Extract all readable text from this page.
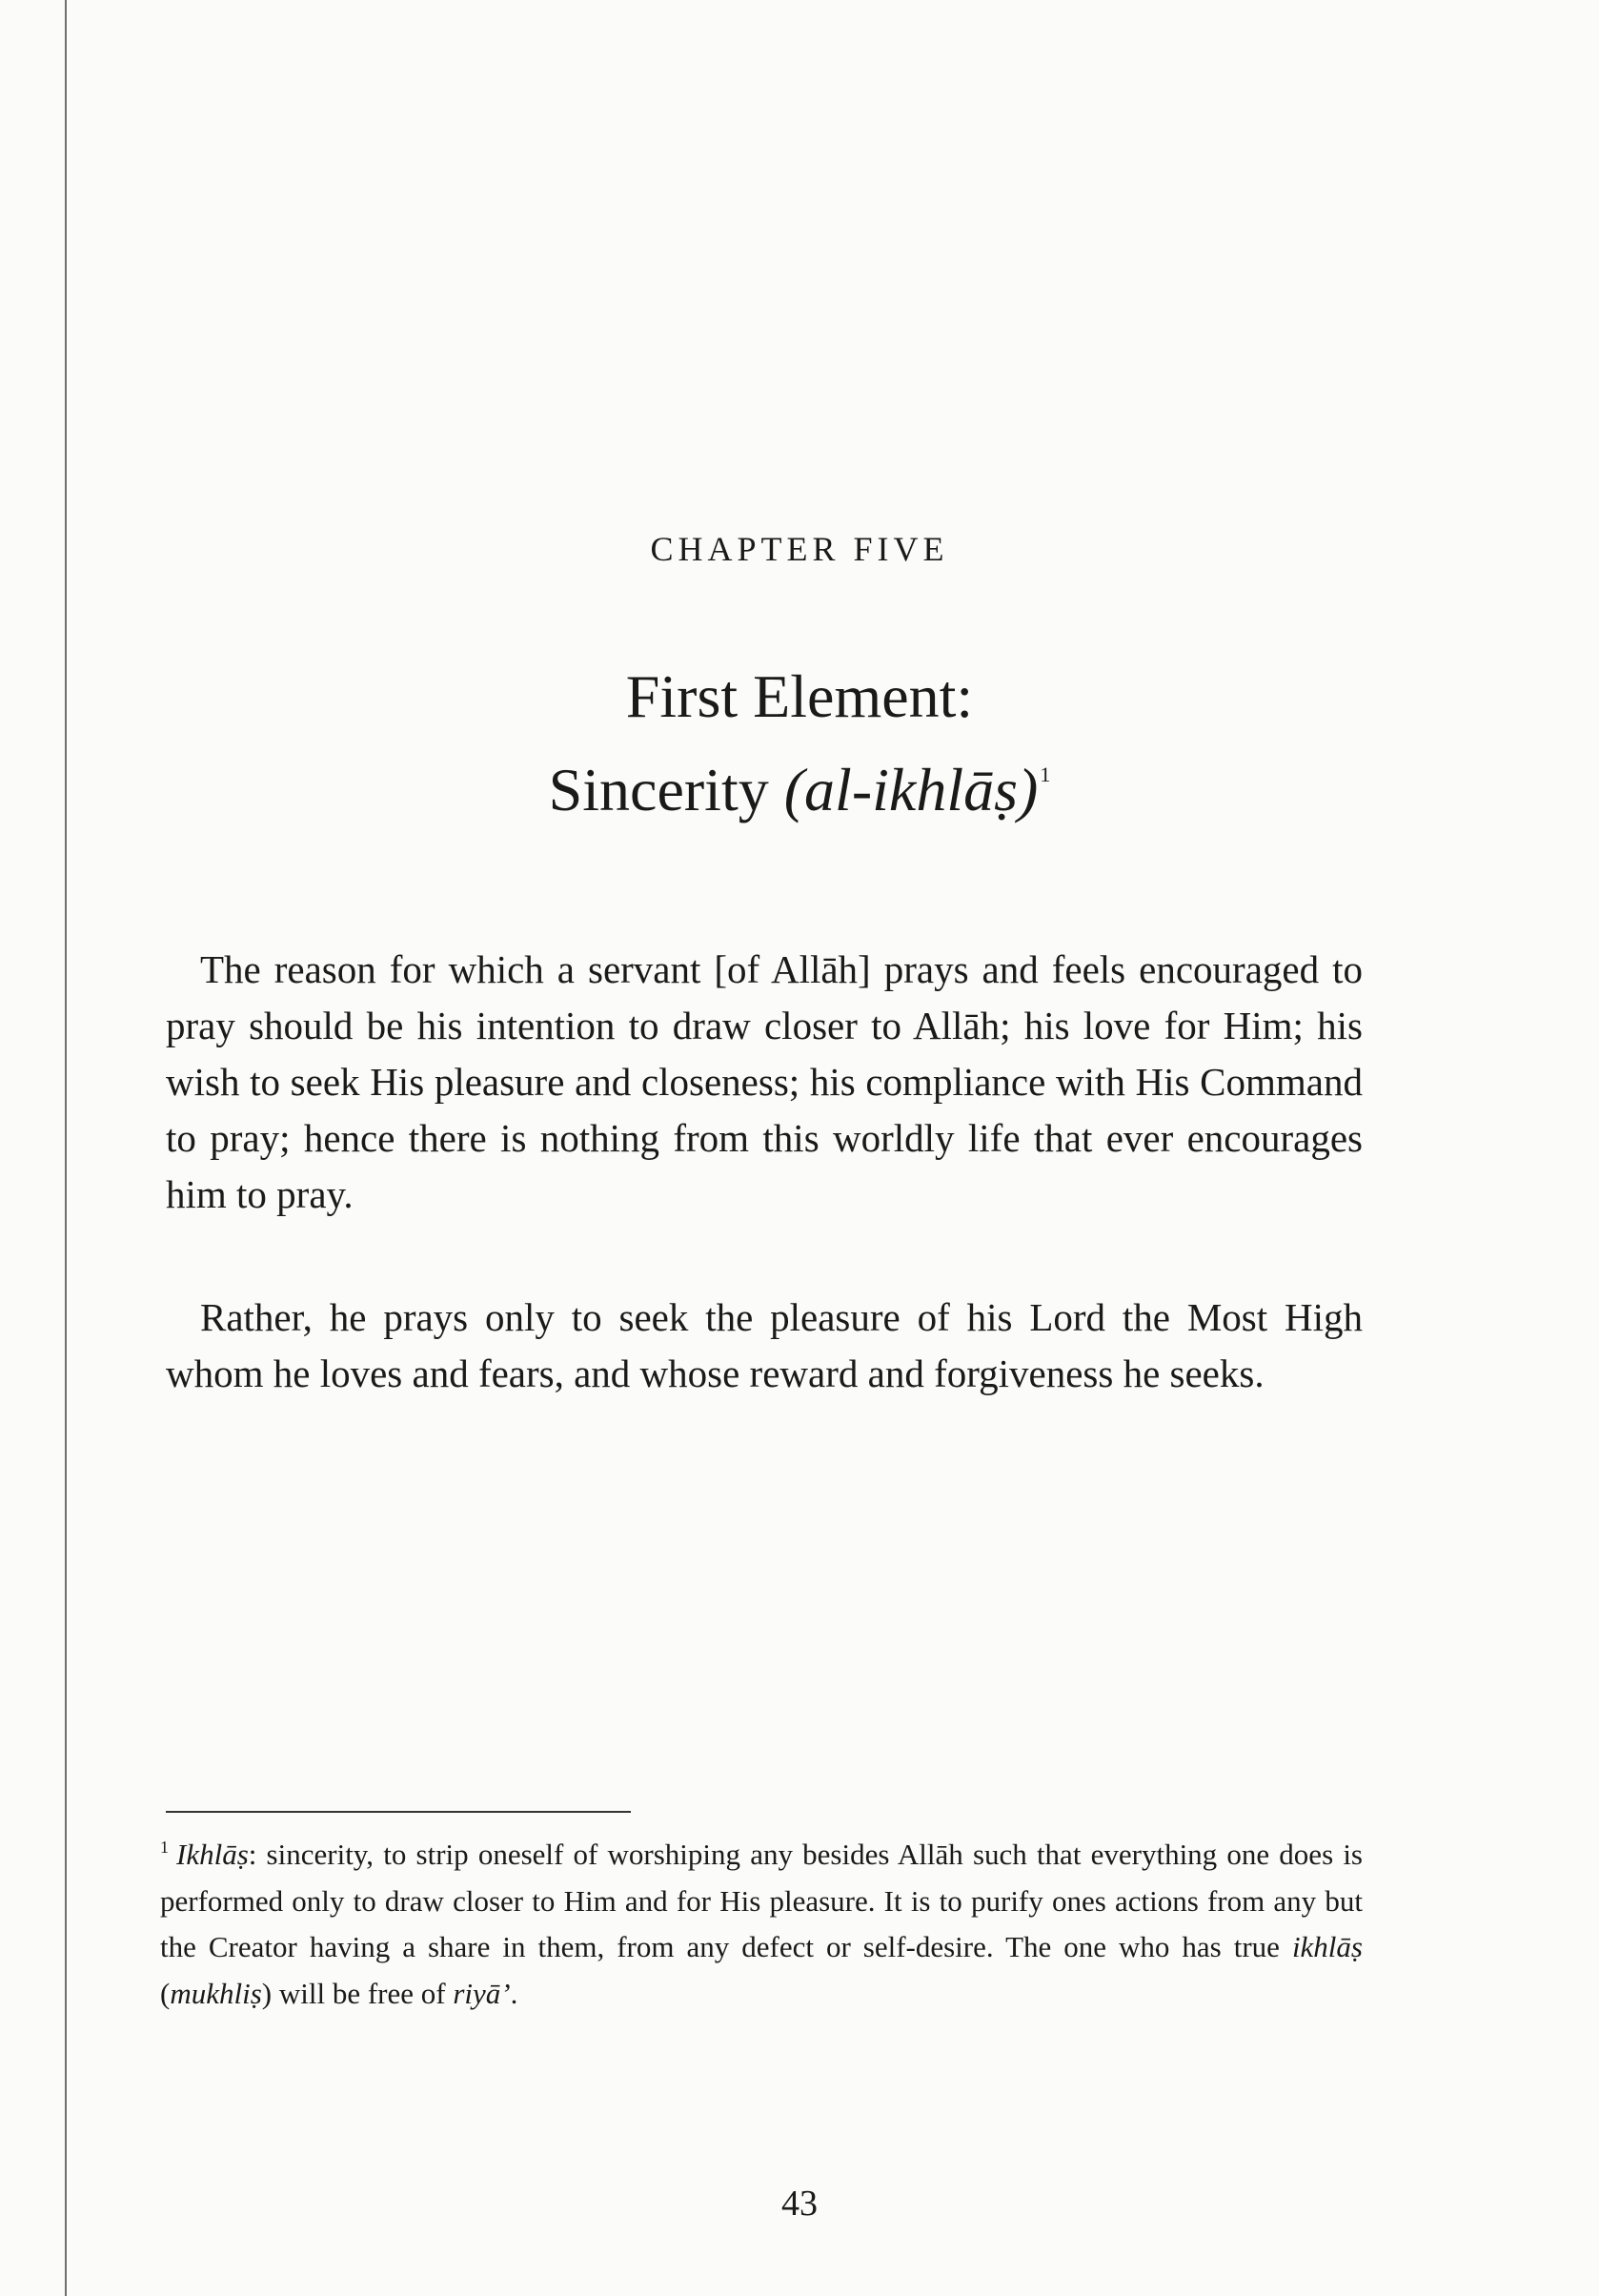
CHAPTER FIVE
First Element:
Sincerity (al-ikhlāṣ)$^1$

The reason for which a servant [of Allāh] prays and feels encouraged to pray should be his intention to draw closer to Allāh; his love for Him; his wish to seek His pleasure and closeness; his compliance with His Command to pray; hence there is nothing from this worldly life that ever encourages him to pray.

Rather, he prays only to seek the pleasure of his Lord the Most High whom he loves and fears, and whose reward and forgiveness he seeks.

$^1$ Ikhlāṣ: sincerity, to strip oneself of worshiping any besides Allāh such that everything one does is performed only to draw closer to Him and for His pleasure. It is to purify ones actions from any but the Creator having a share in them, from any defect or self-desire. The one who has true ikhlāṣ (mukhliṣ) will be free of riyā’.

43
